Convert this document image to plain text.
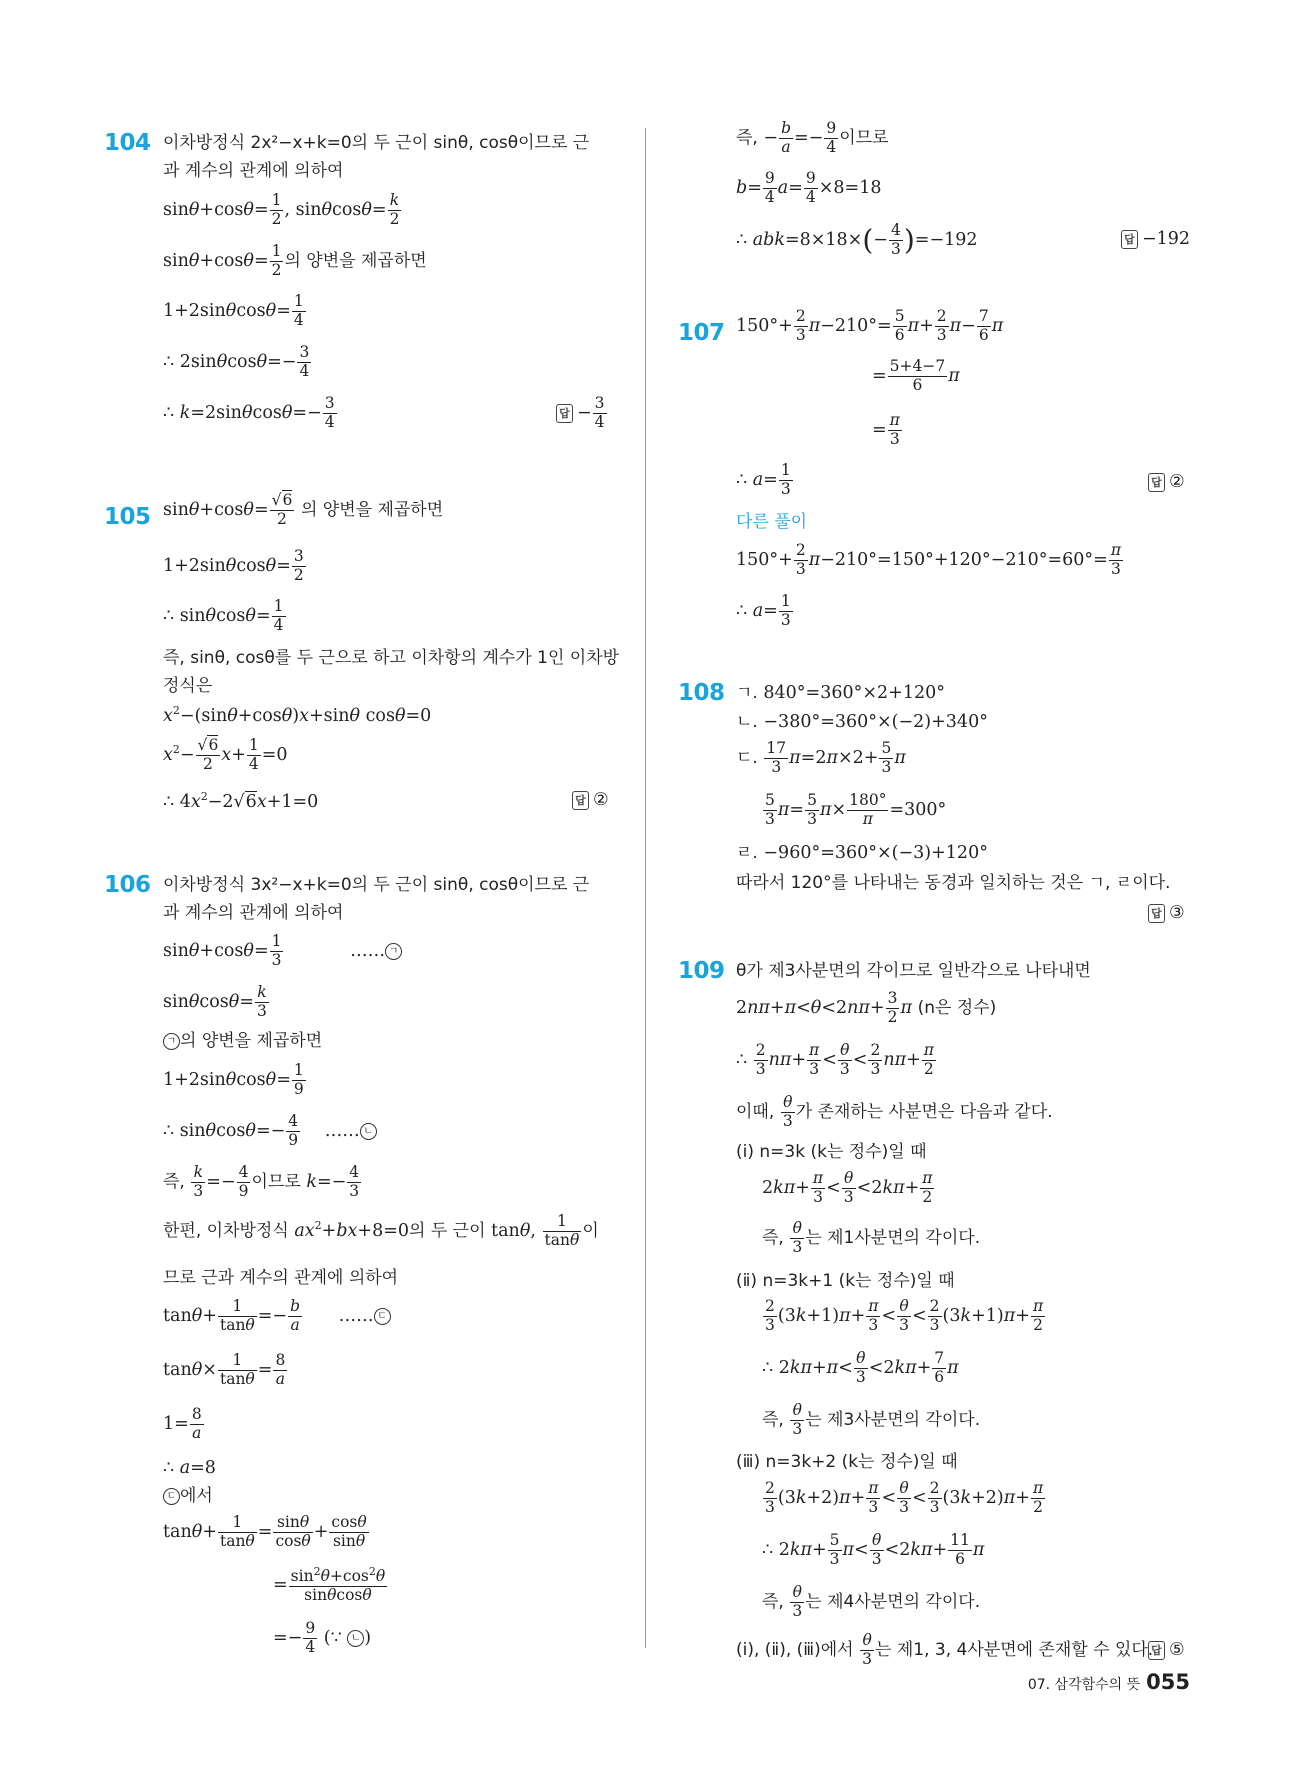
104 이차방정식 2x²−x+k=0의 두 근이 sinθ, cosθ이므로 근
과 계수의 관계에 의하여
$\sin\theta+\cos\theta= \frac{1}{2}$ , $\sin\theta\cos\theta= \frac{k}{2}$
$\sin\theta+\cos\theta= \frac{1}{2}$ 의 양변을 제곱하면
$1+2\sin\theta\cos\theta= \frac{1}{4}$
∴ $2\sin\theta\cos\theta=- \frac{3}{4}$
∴ $k=2\sin\theta\cos\theta=- \frac{3}{4}$	답 − $\frac{3}{4}$
105 $\sin\theta+\cos\theta= \frac{√6}{2}$ 의 양변을 제곱하면
$1+2\sin\theta\cos\theta= \frac{3}{2}$
∴ $\sin\theta\cos\theta= \frac{1}{4}$
즉, sinθ, cosθ를 두 근으로 하고 이차항의 계수가 1인 이차방
정식은
$x^2-(\sin\theta+\cos\theta)x+\sin\theta$ cosθ=0
$x^2- \frac{√6}{2} x+ \frac{1}{4} =0$
∴ $4x^2-2√6x+1=0$	답 ②
106 이차방정식 3x²−x+k=0의 두 근이 sinθ, cosθ이므로 근
과 계수의 관계에 의하여
$\sin\theta+\cos\theta= \frac{1}{3}$	…… ㄱ
$\sin\theta\cos\theta= \frac{k}{3}$
ㄱ 의 양변을 제곱하면
$1+2\sin\theta\cos\theta= \frac{1}{9}$
∴ $\sin\theta\cos\theta=- \frac{4}{9}$ …… ㄴ
즉, $\frac{k}{3} =- \frac{4}{9}$ 이므로 $k=- \frac{4}{3}$
한편, 이차방정식 $ax^2+bx+8=0$의 두 근이 tanθ, $\frac{1}{\tan\theta}$ 이
므로 근과 계수의 관계에 의하여
$\tan\theta+ \frac{1}{\tan\theta} =- \frac{b}{a}$ …… ㄷ
$\tan\theta\times \frac{1}{\tan\theta} = \frac{8}{a}$
$1= \frac{8}{a}$
∴ a=8
ㄷ 에서
$\tan\theta+ \frac{1}{\tan\theta} = \frac{\sin\theta}{\cos\theta} + \frac{\cos\theta}{\sin\theta}$
= $\frac{\sin^2\theta+\cos^2\theta}{\sin\theta\cos\theta}$
=− $\frac{9}{4}$ (∵ ㄴ )
즉, − $\frac{b}{a} =- \frac{9}{4}$ 이므로
$b= \frac{9}{4} a= \frac{9}{4} \times 8=18$
∴ $abk=8\times 18\times(- \frac{4}{3} )=-192$	답 −192
107 $150^\circ+ \frac{2}{3} \pi-210^\circ= \frac{5}{6} \pi+ \frac{2}{3} \pi- \frac{7}{6}$ π
= $\frac{5+4-7}{6}$ π
= $\frac{\pi}{3}$
∴ $a= \frac{1}{3}$	답 ②
다른 풀이
$150^\circ+ \frac{2}{3} \pi-210^\circ=150^\circ+120^\circ-210^\circ=60^\circ= \frac{\pi}{3}$
∴ $a= \frac{1}{3}$
108 ㄱ. 840°=360°×2+120°
ㄴ. −380°=360°×(−2)+340°
ㄷ. $\frac{17}{3} \pi=2\pi\times 2+ \frac{5}{3}$ π
$\frac{5}{3} \pi= \frac{5}{3} \pi\times \frac{180^\circ}{\pi} =300^\circ$
ㄹ. −960°=360°×(−3)+120°
따라서 120°를 나타내는 동경과 일치하는 것은 ㄱ, ㄹ이다.
답 ③
109 θ가 제3사분면의 각이므로 일반각으로 나타내면
$2n\pi+\pi<\theta<2n\pi+ \frac{3}{2}$ π (n은 정수)
∴ $\frac{2}{3} n\pi+ \frac{\pi}{3} < \frac{\theta}{3} < \frac{2}{3} n\pi+ \frac{\pi}{2}$
이때, $\frac{\theta}{3}$ 가 존재하는 사분면은 다음과 같다.
(ⅰ) n=3k (k는 정수)일 때
$2k\pi+ \frac{\pi}{3} < \frac{\theta}{3} <2k\pi+ \frac{\pi}{2}$
즉, $\frac{\theta}{3}$ 는 제1사분면의 각이다.
(ⅱ) n=3k+1 (k는 정수)일 때
$\frac{2}{3} (3k+1)\pi+ \frac{\pi}{3} < \frac{\theta}{3} < \frac{2}{3} (3k+1)\pi+ \frac{\pi}{2}$
∴ $2k\pi+\pi< \frac{\theta}{3} <2k\pi+ \frac{7}{6}$ π
즉, $\frac{\theta}{3}$ 는 제3사분면의 각이다.
(ⅲ) n=3k+2 (k는 정수)일 때
$\frac{2}{3} (3k+2)\pi+ \frac{\pi}{3} < \frac{\theta}{3} < \frac{2}{3} (3k+2)\pi+ \frac{\pi}{2}$
∴ $2k\pi+ \frac{5}{3} \pi< \frac{\theta}{3} <2k\pi+ \frac{11}{6}$ π
즉, $\frac{\theta}{3}$ 는 제4사분면의 각이다.
(ⅰ), (ⅱ), (ⅲ)에서 $\frac{\theta}{3}$ 는 제1, 3, 4사분면에 존재할 수 있다.
답 ⑤
07. 삼각함수의 뜻 055
